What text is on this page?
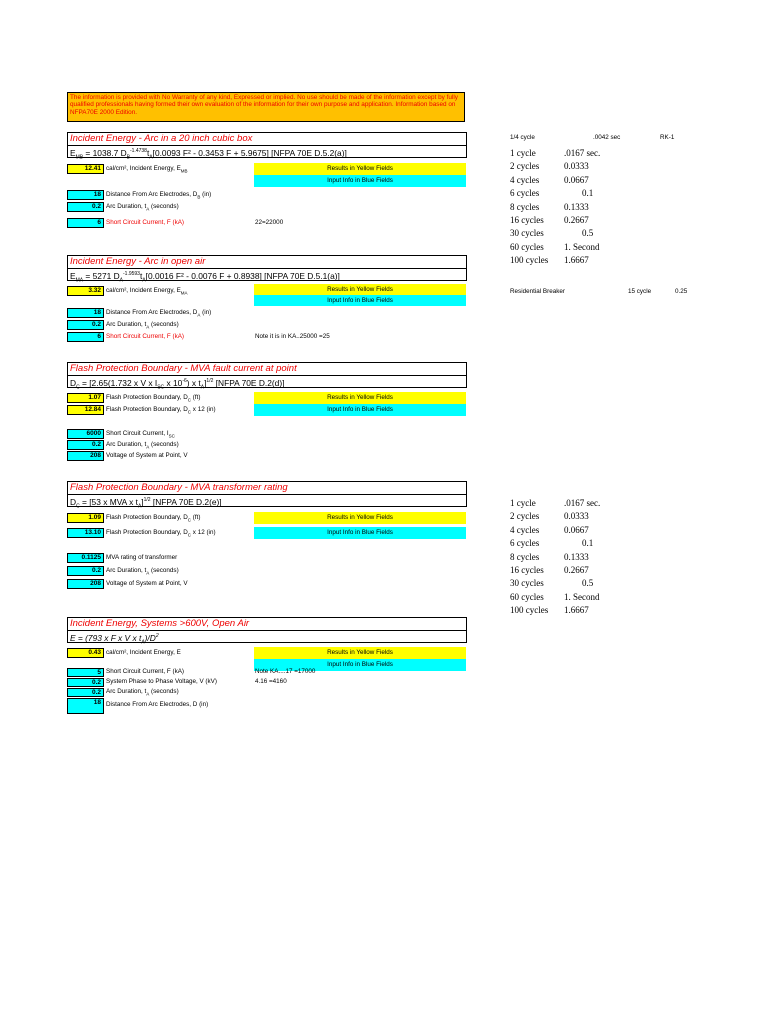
The information is provided with No Warranty of any kind, Expressed or implied. No use should be made of the information except by fully qualified professionals having formed their own evaluation of the information for their own purpose and application. Information based on NFPA70E 2000 Edition.
Incident Energy - Arc in a 20 inch cubic box
$E_{MB} = 1038.7$ $D_B^{-1.4738}t_A[0.0093$ F² - 0.3453 F + 5.9675] [NFPA 70E D.5.2(a)]
12.41 cal/cm², Incident Energy, $E_{MB}$	Results in Yellow Fields
Input Info in Blue Fields
18 Distance From Arc Electrodes, $D_B$ (in)
0.2 Arc Duration, $t_A$ (seconds)
6 Short Circuit Current, F (kA)	22=22000
Incident Energy - Arc in open air
$E_{MA} = 5271$ $D_A^{-1.9593}t_A[0.0016$ F² - 0.0076 F + 0.8938] [NFPA 70E D.5.1(a)]
3.32 cal/cm², Incident Energy, $E_{MA}$	Results in Yellow Fields
Input Info in Blue Fields
18 Distance From Arc Electrodes, $D_A$ (in)
0.2 Arc Duration, $t_A$ (seconds)
6 Short Circuit Current, F (kA)	Note it is in KA..25000 =25
Flash Protection Boundary - MVA fault current at point
$D_C = [2.65(1.732$ x V x $I_{SC}$ x $10^{-6}$) x $t_A]^{1/2}$ [NFPA 70E D.2(d)]
1.07 Flash Protection Boundary, $D_C$ (ft)
12.84 Flash Protection Boundary, $D_C$ x 12 (in)
Results in Yellow Fields
Input Info in Blue Fields
6000 Short Circuit Current, $I_{SC}$
0.2 Arc Duration, $t_A$ (seconds)
208 Voltage of System at Point, V
Flash Protection Boundary - MVA transformer rating
$D_C = [53$ x MVA x $t_A]^{1/2}$ [NFPA 70E D.2(e)]
1.09 Flash Protection Boundary, $D_C$ (ft)
13.10 Flash Protection Boundary, $D_C$ x 12 (in)
Results in Yellow Fields
Input Info in Blue Fields
0.1125 MVA rating of transformer
0.2 Arc Duration, $t_A$ (seconds)
208 Voltage of System at Point, V
Incident Energy, Systems >600V, Open Air
E = (793 x F x V x $t_A)/D^2$
0.43 cal/cm², Incident Energy, E	Results in Yellow Fields
Input Info in Blue Fields
5 Short Circuit Current, F (kA)	Note KA....17 =17000
0.2 System Phase to Phase Voltage, V (kV)	4.16 =4160
0.2 Arc Duration, $t_A$ (seconds)
18 Distance From Arc Electrodes, D (in)
1/4 cycle	.0042 sec	RK-1
1 cycle	.0167 sec.
2 cycles	0.0333
4 cycles	0.0667
6 cycles	0.1
8 cycles	0.1333
16 cycles 0.2667
30 cycles	0.5
60 cycles 1. Second
100 cycles 1.6667
Residential Breaker	15 cycle	0.25
1 cycle	.0167 sec.
2 cycles	0.0333
4 cycles	0.0667
6 cycles	0.1
8 cycles	0.1333
16 cycles 0.2667
30 cycles	0.5
60 cycles 1. Second
100 cycles 1.6667
